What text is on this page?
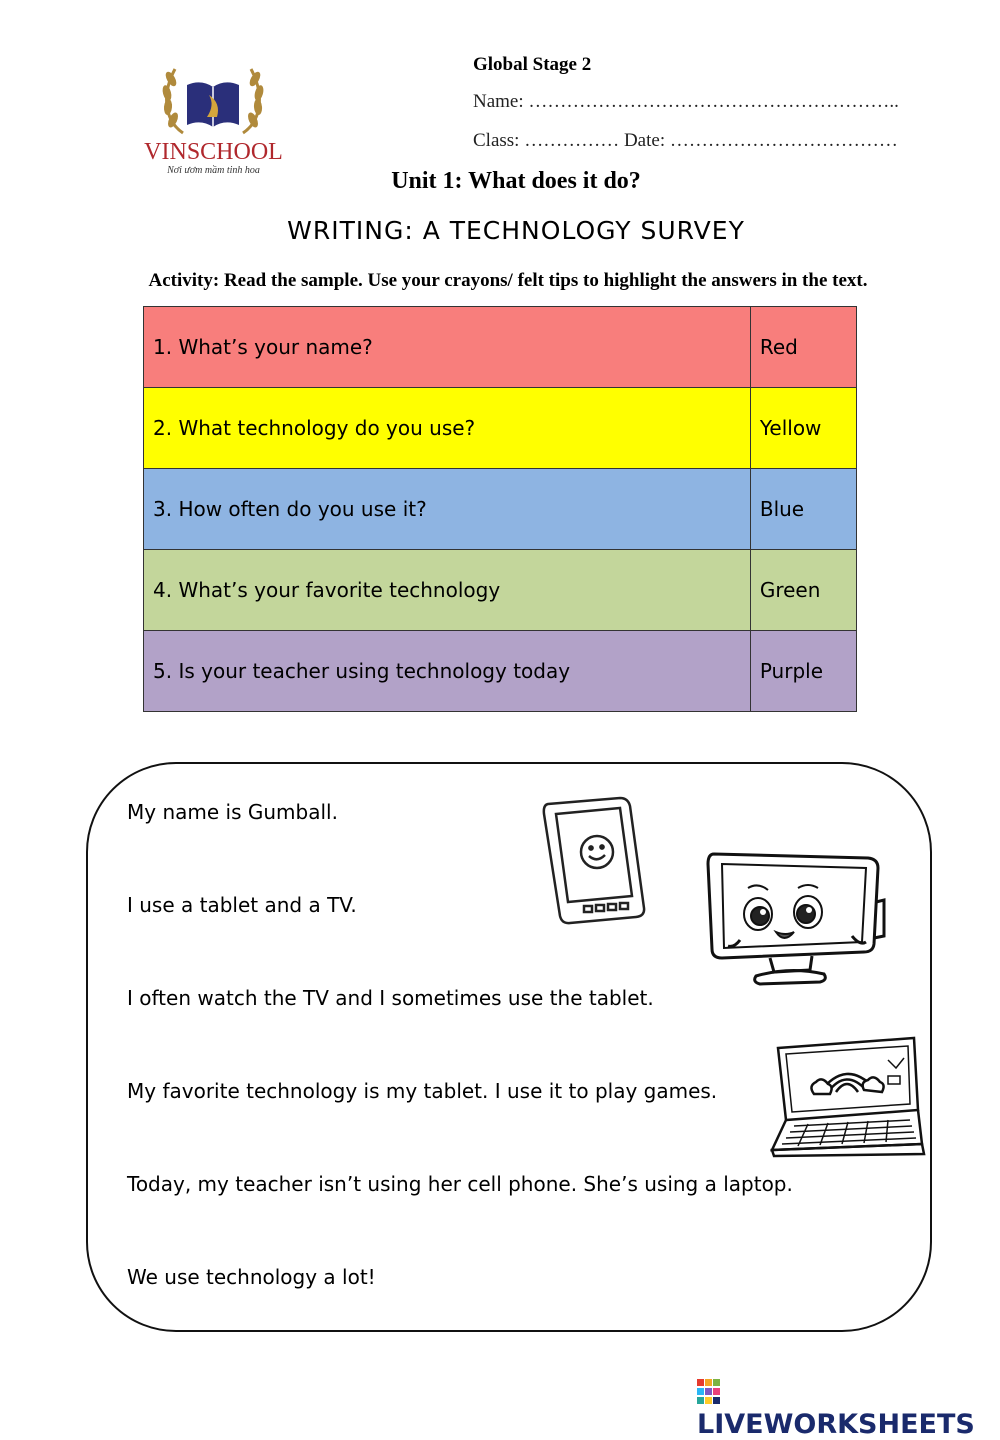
VINSCHOOL
Nơi ươm mầm tinh hoa
Global Stage 2
Name: …………………………………………………..
Class: …………… Date: ………………………………
Unit 1: What does it do?
WRITING: A TECHNOLOGY SURVEY
Activity: Read the sample. Use your crayons/ felt tips to highlight the answers in the text.
1. What’s your name?	Red
2. What technology do you use?	Yellow
3. How often do you use it?	Blue
4. What’s your favorite technology	Green
5. Is your teacher using technology today	Purple
My name is Gumball.
I use a tablet and a TV.
I often watch the TV and I sometimes use the tablet.
My favorite technology is my tablet. I use it to play games.
Today, my teacher isn’t using her cell phone. She’s using a laptop.
We use technology a lot!
LIVEWORKSHEETS
